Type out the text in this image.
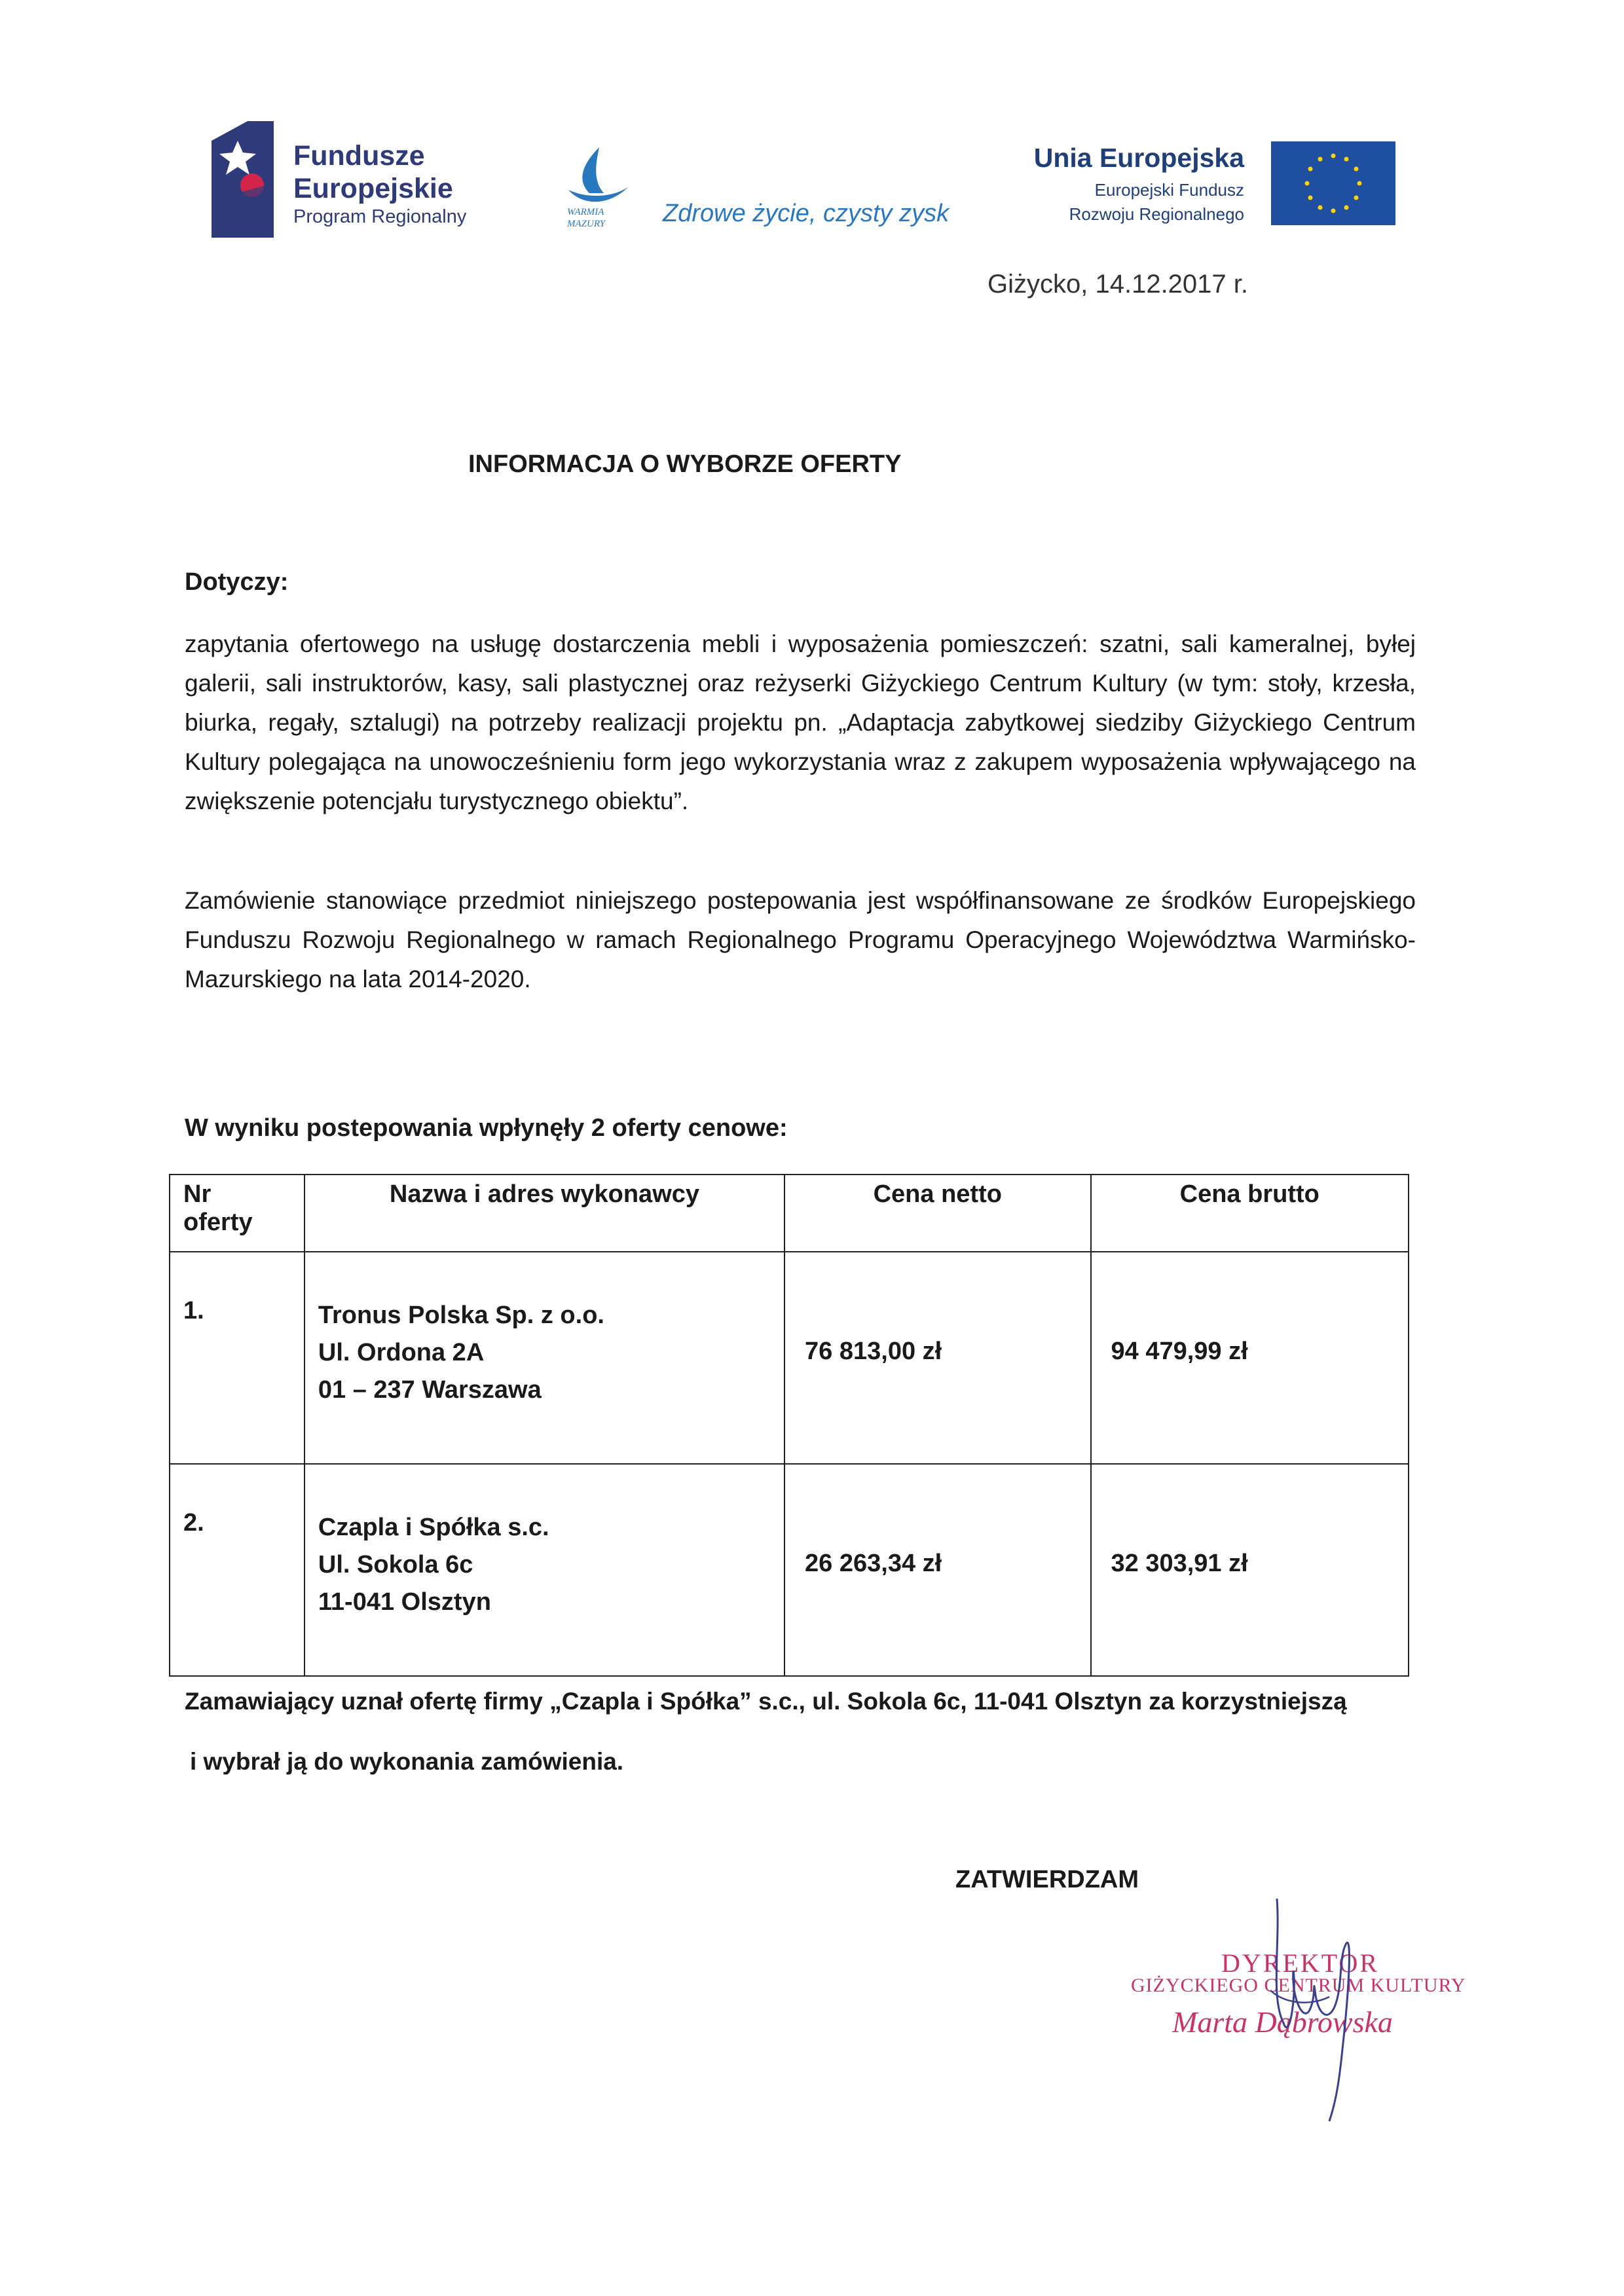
Fundusze
Europejskie
Program Regionalny	WARMIA
MAZURY Zdrowe życie, czysty zysk
Unia Europejska
Europejski Fundusz
Rozwoju Regionalnego
Giżycko, 14.12.2017 r.
INFORMACJA O WYBORZE OFERTY
Dotyczy:
zapytania ofertowego na usługę dostarczenia mebli i wyposażenia pomieszczeń: szatni, sali kameralnej, byłej galerii, sali instruktorów, kasy, sali plastycznej oraz reżyserki Giżyckiego Centrum Kultury (w tym: stoły, krzesła, biurka, regały, sztalugi) na potrzeby realizacji projektu pn. „Adaptacja zabytkowej siedziby Giżyckiego Centrum Kultury polegająca na unowocześnieniu form jego wykorzystania wraz z zakupem wyposażenia wpływającego na zwiększenie potencjału turystycznego obiektu”.
Zamówienie stanowiące przedmiot niniejszego postepowania jest współfinansowane ze środków Europejskiego Funduszu Rozwoju Regionalnego w ramach Regionalnego Programu Operacyjnego Województwa Warmińsko-Mazurskiego na lata 2014-2020.
W wyniku postepowania wpłynęły 2 oferty cenowe:
Nr
oferty	Nazwa i adres wykonawcy	Cena netto	Cena brutto
1.	Tronus Polska Sp. z o.o.
Ul. Ordona 2A
01 – 237 Warszawa	76 813,00 zł	94 479,99 zł

2.	Czapla i Spółka s.c.
Ul. Sokola 6c
11-041 Olsztyn	26 263,34 zł	32 303,91 zł
Zamawiający uznał ofertę firmy „Czapla i Spółka” s.c., ul. Sokola 6c, 11-041 Olsztyn za korzystniejszą
i wybrał ją do wykonania zamówienia.
ZATWIERDZAM
DYREKTOR
GIŻYCKIEGO CENTRUM KULTURY
Marta Dąbrowska
